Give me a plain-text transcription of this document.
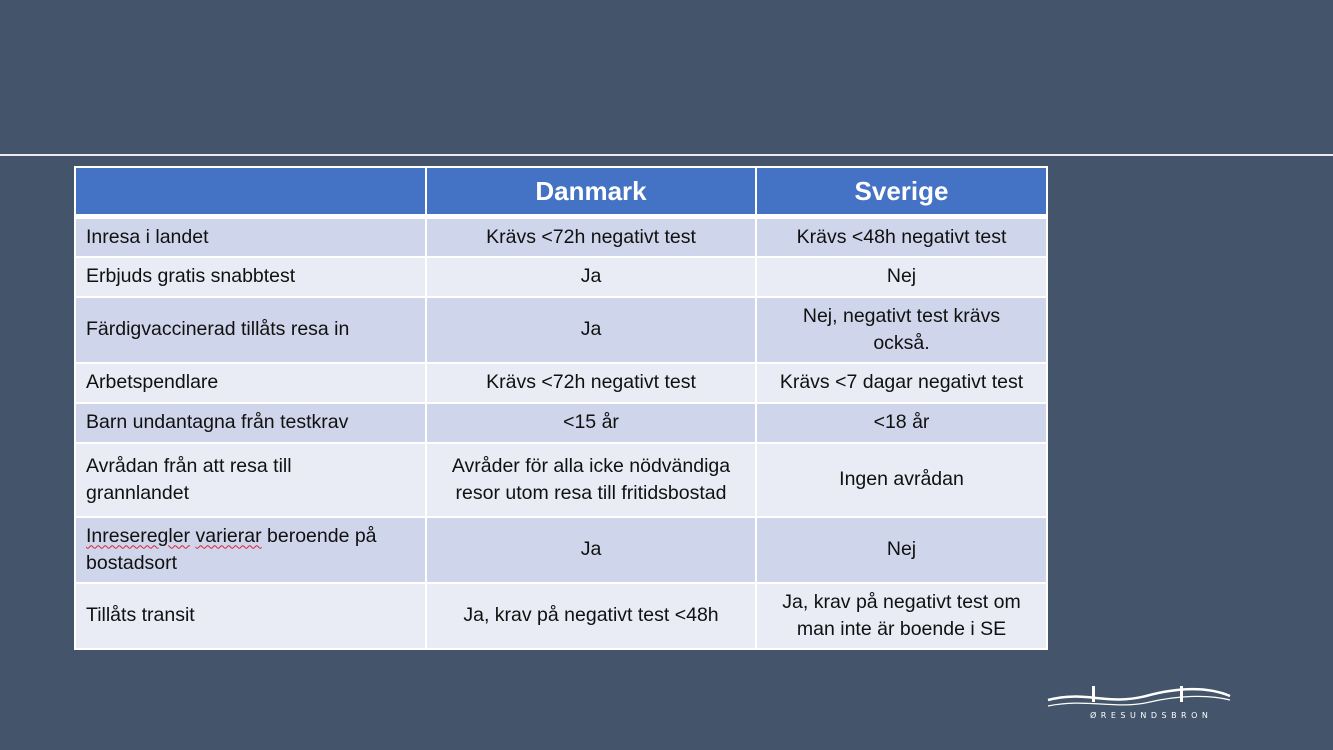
	Danmark	Sverige
Inresa i landet	Krävs <72h negativt test	Krävs <48h negativt test
Erbjuds gratis snabbtest	Ja	Nej
Färdigvaccinerad tillåts resa in	Ja	Nej, negativt test krävs också.
Arbetspendlare	Krävs <72h negativt test	Krävs <7 dagar negativt test
Barn undantagna från testkrav	<15 år	<18 år
Avrådan från att resa till grannlandet	Avråder för alla icke nödvändiga resor utom resa till fritidsbostad	Ingen avrådan
Inreseregler varierar beroende på bostadsort	Ja	Nej
Tillåts transit	Ja, krav på negativt test <48h	Ja, krav på negativt test om man inte är boende i SE
ØRESUNDSBRON
